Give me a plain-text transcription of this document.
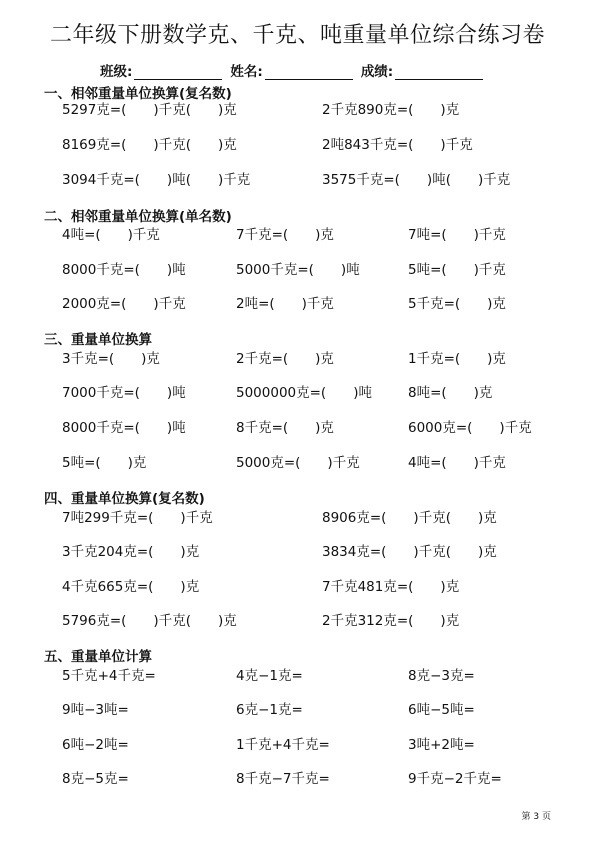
二年级下册数学克、千克、吨重量单位综合练习卷
班级:	姓名:	成绩:
一、相邻重量单位换算(复名数)
5297克=(　　)千克(　　)克	2千克890克=(　　)克
8169克=(　　)千克(　　)克	2吨843千克=(　　)千克
3094千克=(　　)吨(　　)千克	3575千克=(　　)吨(　　)千克
二、相邻重量单位换算(单名数)
4吨=(　　)千克	7千克=(　　)克	7吨=(　　)千克
8000千克=(　　)吨	5000千克=(　　)吨	5吨=(　　)千克
2000克=(　　)千克	2吨=(　　)千克	5千克=(　　)克
三、重量单位换算
3千克=(　　)克	2千克=(　　)克	1千克=(　　)克
7000千克=(　　)吨	5000000克=(　　)吨	8吨=(　　)克
8000千克=(　　)吨	8千克=(　　)克	6000克=(　　)千克
5吨=(　　)克	5000克=(　　)千克	4吨=(　　)千克
四、重量单位换算(复名数)
7吨299千克=(　　)千克	8906克=(　　)千克(　　)克
3千克204克=(　　)克	3834克=(　　)千克(　　)克
4千克665克=(　　)克	7千克481克=(　　)克
5796克=(　　)千克(　　)克	2千克312克=(　　)克
五、重量单位计算
5千克+4千克=	4克−1克=	8克−3克=
9吨−3吨=	6克−1克=	6吨−5吨=
6吨−2吨=	1千克+4千克=	3吨+2吨=
8克−5克=	8千克−7千克=	9千克−2千克=
第 3 页
